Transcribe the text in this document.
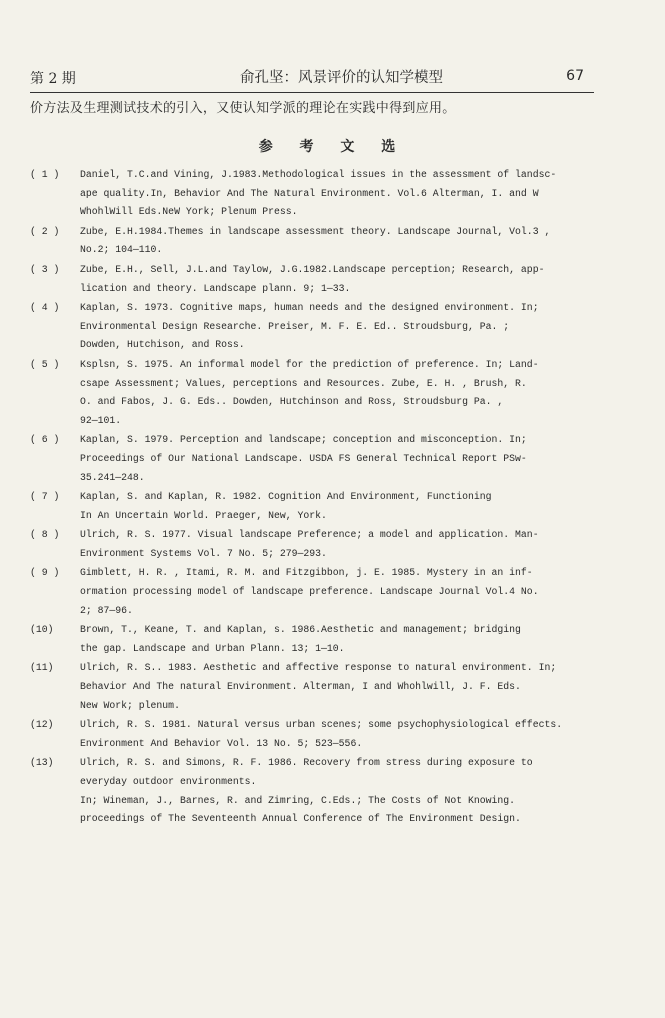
第 2 期	俞孔坚：风景评价的认知学模型	67
价方法及生理测试技术的引入，又使认知学派的理论在实践中得到应用。
参 考 文 选
( 1 )	Daniel, T.C.and Vining, J.1983.Methodological issues in the assessment of landsc-
ape quality.In, Behavior And The Natural Environment. Vol.6 Alterman, I. and W
WhohlWill Eds.NeW York; Plenum Press.
( 2 )	Zube, E.H.1984.Themes in landscape assessment theory. Landscape Journal, Vol.3 ,
No.2; 104—110.
( 3 )	Zube, E.H., Sell, J.L.and Taylow, J.G.1982.Landscape perception; Research, app-
lication and theory. Landscape plann. 9; 1—33.
( 4 )	Kaplan, S. 1973. Cognitive maps, human needs and the designed environment. In;
Environmental Design Researche. Preiser, M. F. E. Ed.. Stroudsburg, Pa. ;
Dowden, Hutchison, and Ross.
( 5 )	Ksplsn, S. 1975. An informal model for the prediction of preference. In; Land-
csape Assessment; Values, perceptions and Resources. Zube, E. H. , Brush, R.
O. and Fabos, J. G. Eds.. Dowden, Hutchinson and Ross, Stroudsburg Pa. ,
92—101.
( 6 )	Kaplan, S. 1979. Perception and landscape; conception and misconception. In;
Proceedings of Our National Landscape. USDA FS General Technical Report PSw-
35.241—248.
( 7 )	Kaplan, S. and Kaplan, R. 1982. Cognition And Environment, Functioning
In An Uncertain World. Praeger, New, York.
( 8 )	Ulrich, R. S. 1977. Visual landscape Preference; a model and application. Man-
Environment Systems Vol. 7 No. 5; 279—293.
( 9 )	Gimblett, H. R. , Itami, R. M. and Fitzgibbon, j. E. 1985. Mystery in an inf-
ormation processing model of landscape preference. Landscape Journal Vol.4 No.
2; 87—96.
(10)	Brown, T., Keane, T. and Kaplan, s. 1986.Aesthetic and management; bridging
the gap. Landscape and Urban Plann. 13; 1—10.
(11)	Ulrich, R. S.. 1983. Aesthetic and affective response to natural environment. In;
Behavior And The natural Environment. Alterman, I and Whohlwill, J. F. Eds.
New Work; plenum.
(12)	Ulrich, R. S. 1981. Natural versus urban scenes; some psychophysiological effects.
Environment And Behavior Vol. 13 No. 5; 523—556.
(13)	Ulrich, R. S. and Simons, R. F. 1986. Recovery from stress during exposure to
everyday outdoor environments.
In; Wineman, J., Barnes, R. and Zimring, C.Eds.; The Costs of Not Knowing.
proceedings of The Seventeenth Annual Conference of The Environment Design.
